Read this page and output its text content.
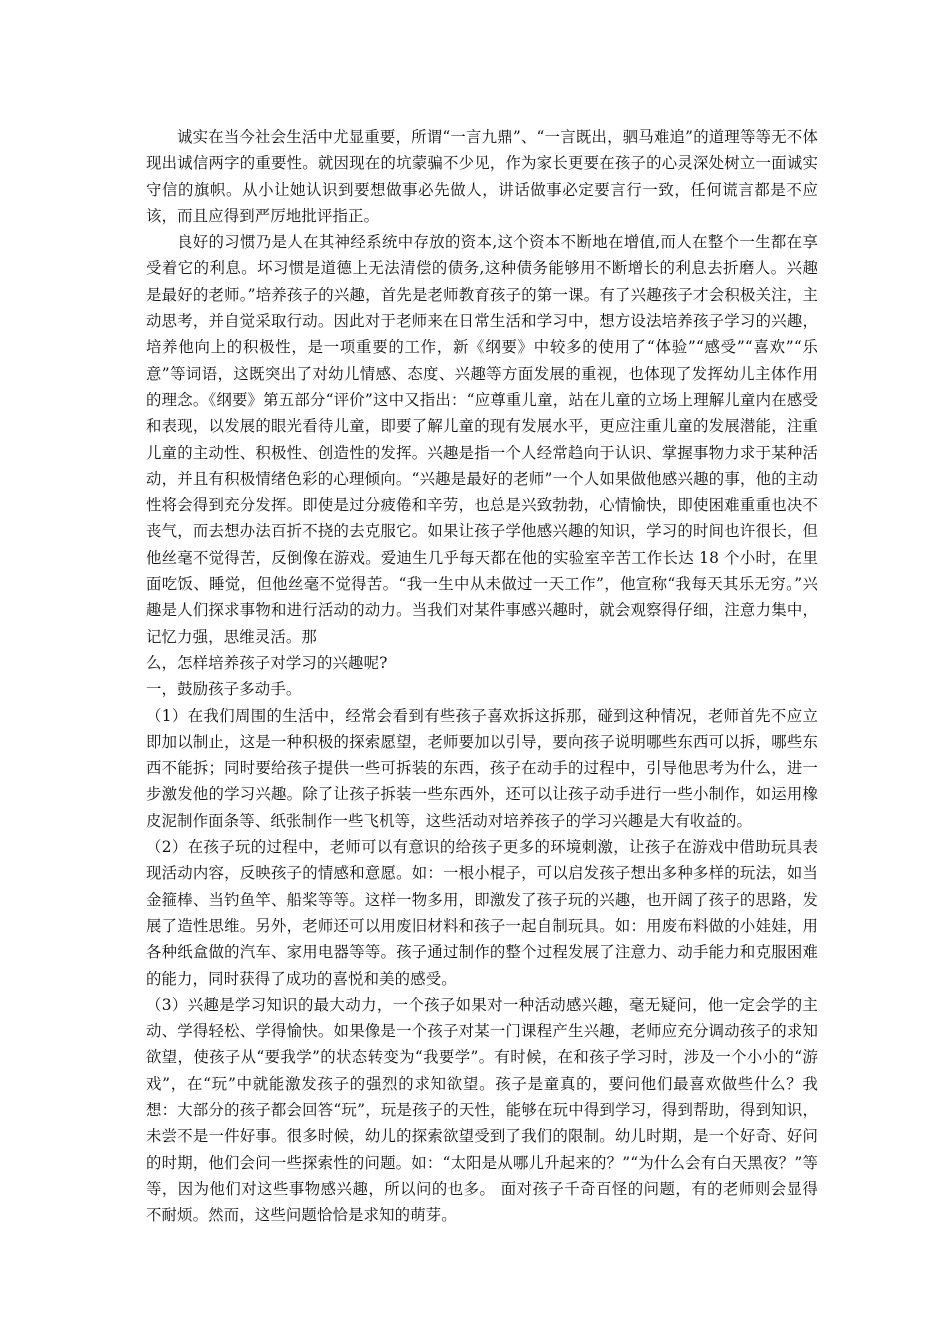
诚实在当今社会生活中尤显重要，所谓“一言九鼎”、“一言既出，驷马难追”的道理等等无不体现出诚信两字的重要性。就因现在的坑蒙骗不少见，作为家长更要在孩子的心灵深处树立一面诚实守信的旗帜。从小让她认识到要想做事必先做人，讲话做事必定要言行一致，任何谎言都是不应该，而且应得到严厉地批评指正。

良好的习惯乃是人在其神经系统中存放的资本,这个资本不断地在增值,而人在整个一生都在享受着它的利息。坏习惯是道德上无法清偿的债务,这种债务能够用不断增长的利息去折磨人。兴趣是最好的老师。”培养孩子的兴趣，首先是老师教育孩子的第一课。有了兴趣孩子才会积极关注，主动思考，并自觉采取行动。因此对于老师来在日常生活和学习中，想方设法培养孩子学习的兴趣，培养他向上的积极性，是一项重要的工作，新《纲要》中较多的使用了“体验”“感受”“喜欢”“乐意”等词语，这既突出了对幼儿情感、态度、兴趣等方面发展的重视，也体现了发挥幼儿主体作用的理念。《纲要》第五部分“评价”这中又指出：“应尊重儿童，站在儿童的立场上理解儿童内在感受和表现，以发展的眼光看待儿童，即要了解儿童的现有发展水平，更应注重儿童的发展潜能，注重儿童的主动性、积极性、创造性的发挥。兴趣是指一个人经常趋向于认识、掌握事物力求于某种活动，并且有积极情绪色彩的心理倾向。“兴趣是最好的老师”一个人如果做他感兴趣的事，他的主动性将会得到充分发挥。即使是过分疲倦和辛劳，也总是兴致勃勃，心情愉快，即使困难重重也决不丧气，而去想办法百折不挠的去克服它。如果让孩子学他感兴趣的知识，学习的时间也许很长，但他丝毫不觉得苦，反倒像在游戏。爱迪生几乎每天都在他的实验室辛苦工作长达 18 个小时，在里面吃饭、睡觉，但他丝毫不觉得苦。“我一生中从未做过一天工作”，他宣称“我每天其乐无穷。”兴趣是人们探求事物和进行活动的动力。当我们对某件事感兴趣时，就会观察得仔细，注意力集中，记忆力强，思维灵活。那

么，怎样培养孩子对学习的兴趣呢?

一，鼓励孩子多动手。

（1）在我们周围的生活中，经常会看到有些孩子喜欢拆这拆那，碰到这种情况，老师首先不应立即加以制止，这是一种积极的探索愿望，老师要加以引导，要向孩子说明哪些东西可以拆，哪些东西不能拆；同时要给孩子提供一些可拆装的东西，孩子在动手的过程中，引导他思考为什么，进一步激发他的学习兴趣。除了让孩子拆装一些东西外，还可以让孩子动手进行一些小制作，如运用橡皮泥制作面条等、纸张制作一些飞机等，这些活动对培养孩子的学习兴趣是大有收益的。

（2）在孩子玩的过程中，老师可以有意识的给孩子更多的环境刺激，让孩子在游戏中借助玩具表现活动内容，反映孩子的情感和意愿。如：一根小棍子，可以启发孩子想出多种多样的玩法，如当金箍棒、当钓鱼竿、船桨等等。这样一物多用，即激发了孩子玩的兴趣，也开阔了孩子的思路，发展了造性思维。另外，老师还可以用废旧材料和孩子一起自制玩具。如：用废布料做的小娃娃，用各种纸盒做的汽车、家用电器等等。孩子通过制作的整个过程发展了注意力、动手能力和克服困难的能力，同时获得了成功的喜悦和美的感受。

（3）兴趣是学习知识的最大动力，一个孩子如果对一种活动感兴趣，毫无疑问，他一定会学的主动、学得轻松、学得愉快。如果像是一个孩子对某一门课程产生兴趣，老师应充分调动孩子的求知欲望，使孩子从“要我学”的状态转变为“我要学”。有时候，在和孩子学习时，涉及一个小小的“游戏”，在“玩”中就能激发孩子的强烈的求知欲望。孩子是童真的，要问他们最喜欢做些什么？我想：大部分的孩子都会回答“玩”，玩是孩子的天性，能够在玩中得到学习，得到帮助，得到知识，未尝不是一件好事。很多时候，幼儿的探索欲望受到了我们的限制。幼儿时期，是一个好奇、好问的时期，他们会问一些探索性的问题。如：“太阳是从哪儿升起来的？”“为什么会有白天黑夜？”等等，因为他们对这些事物感兴趣，所以问的也多。 面对孩子千奇百怪的问题，有的老师则会显得不耐烦。然而，这些问题恰恰是求知的萌芽。
